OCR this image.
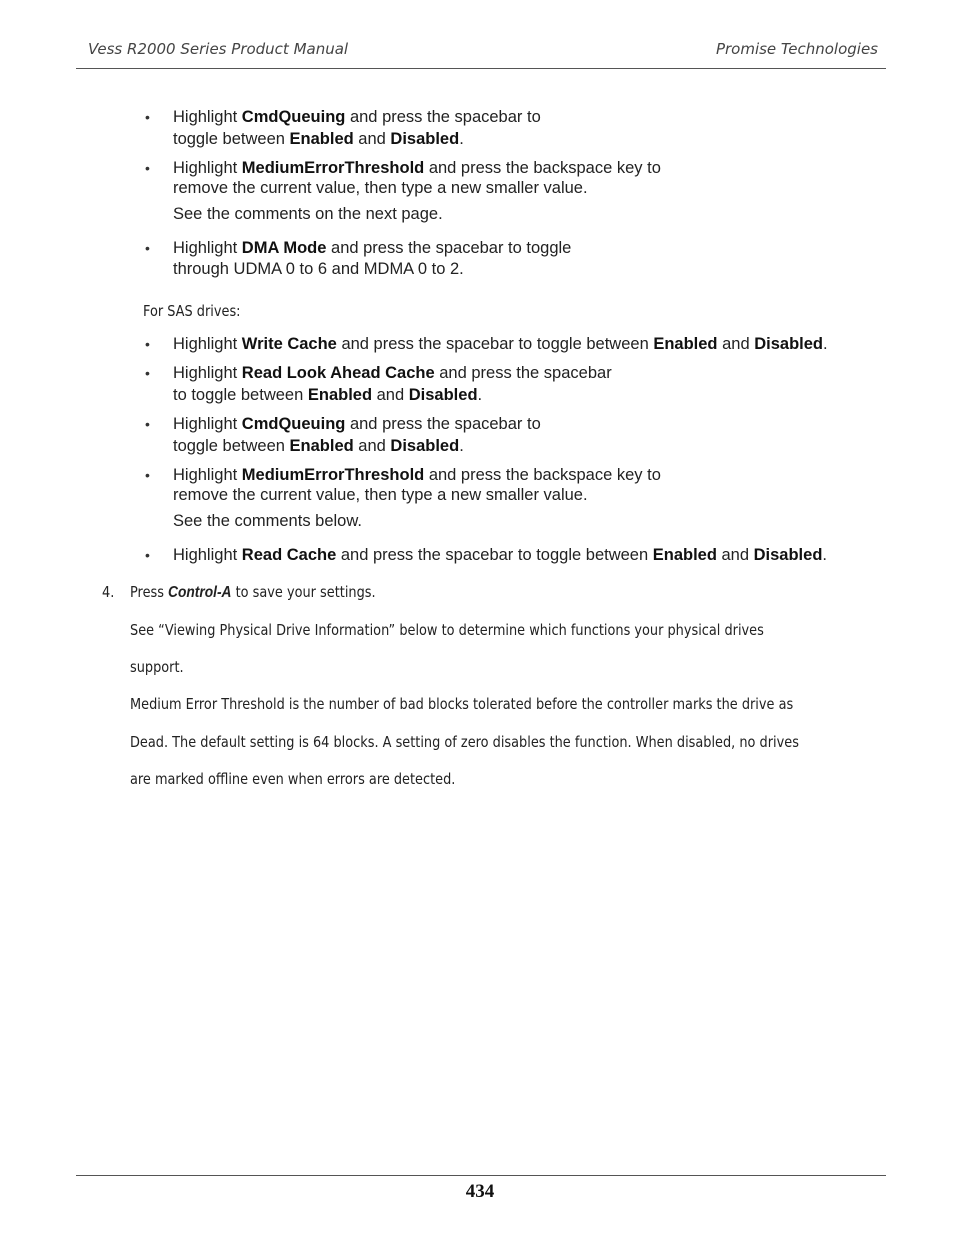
Vess R2000 Series Product Manual	Promise Technologies
• Highlight CmdQueuing and press the spacebar to
toggle between Enabled and Disabled.
• Highlight MediumErrorThreshold and press the backspace key to
remove the current value, then type a new smaller value.
See the comments on the next page.
• Highlight DMA Mode and press the spacebar to toggle
through UDMA 0 to 6 and MDMA 0 to 2.
For SAS drives:
• Highlight Write Cache and press the spacebar to toggle between Enabled and Disabled.
• Highlight Read Look Ahead Cache and press the spacebar
to toggle between Enabled and Disabled.
• Highlight CmdQueuing and press the spacebar to
toggle between Enabled and Disabled.
• Highlight MediumErrorThreshold and press the backspace key to
remove the current value, then type a new smaller value.
See the comments below.
• Highlight Read Cache and press the spacebar to toggle between Enabled and Disabled.
4. Press Control-A to save your settings.
See “Viewing Physical Drive Information” below to determine which functions your physical drives
support.
Medium Error Threshold is the number of bad blocks tolerated before the controller marks the drive as
Dead. The default setting is 64 blocks. A setting of zero disables the function. When disabled, no drives
are marked offline even when errors are detected.
434
